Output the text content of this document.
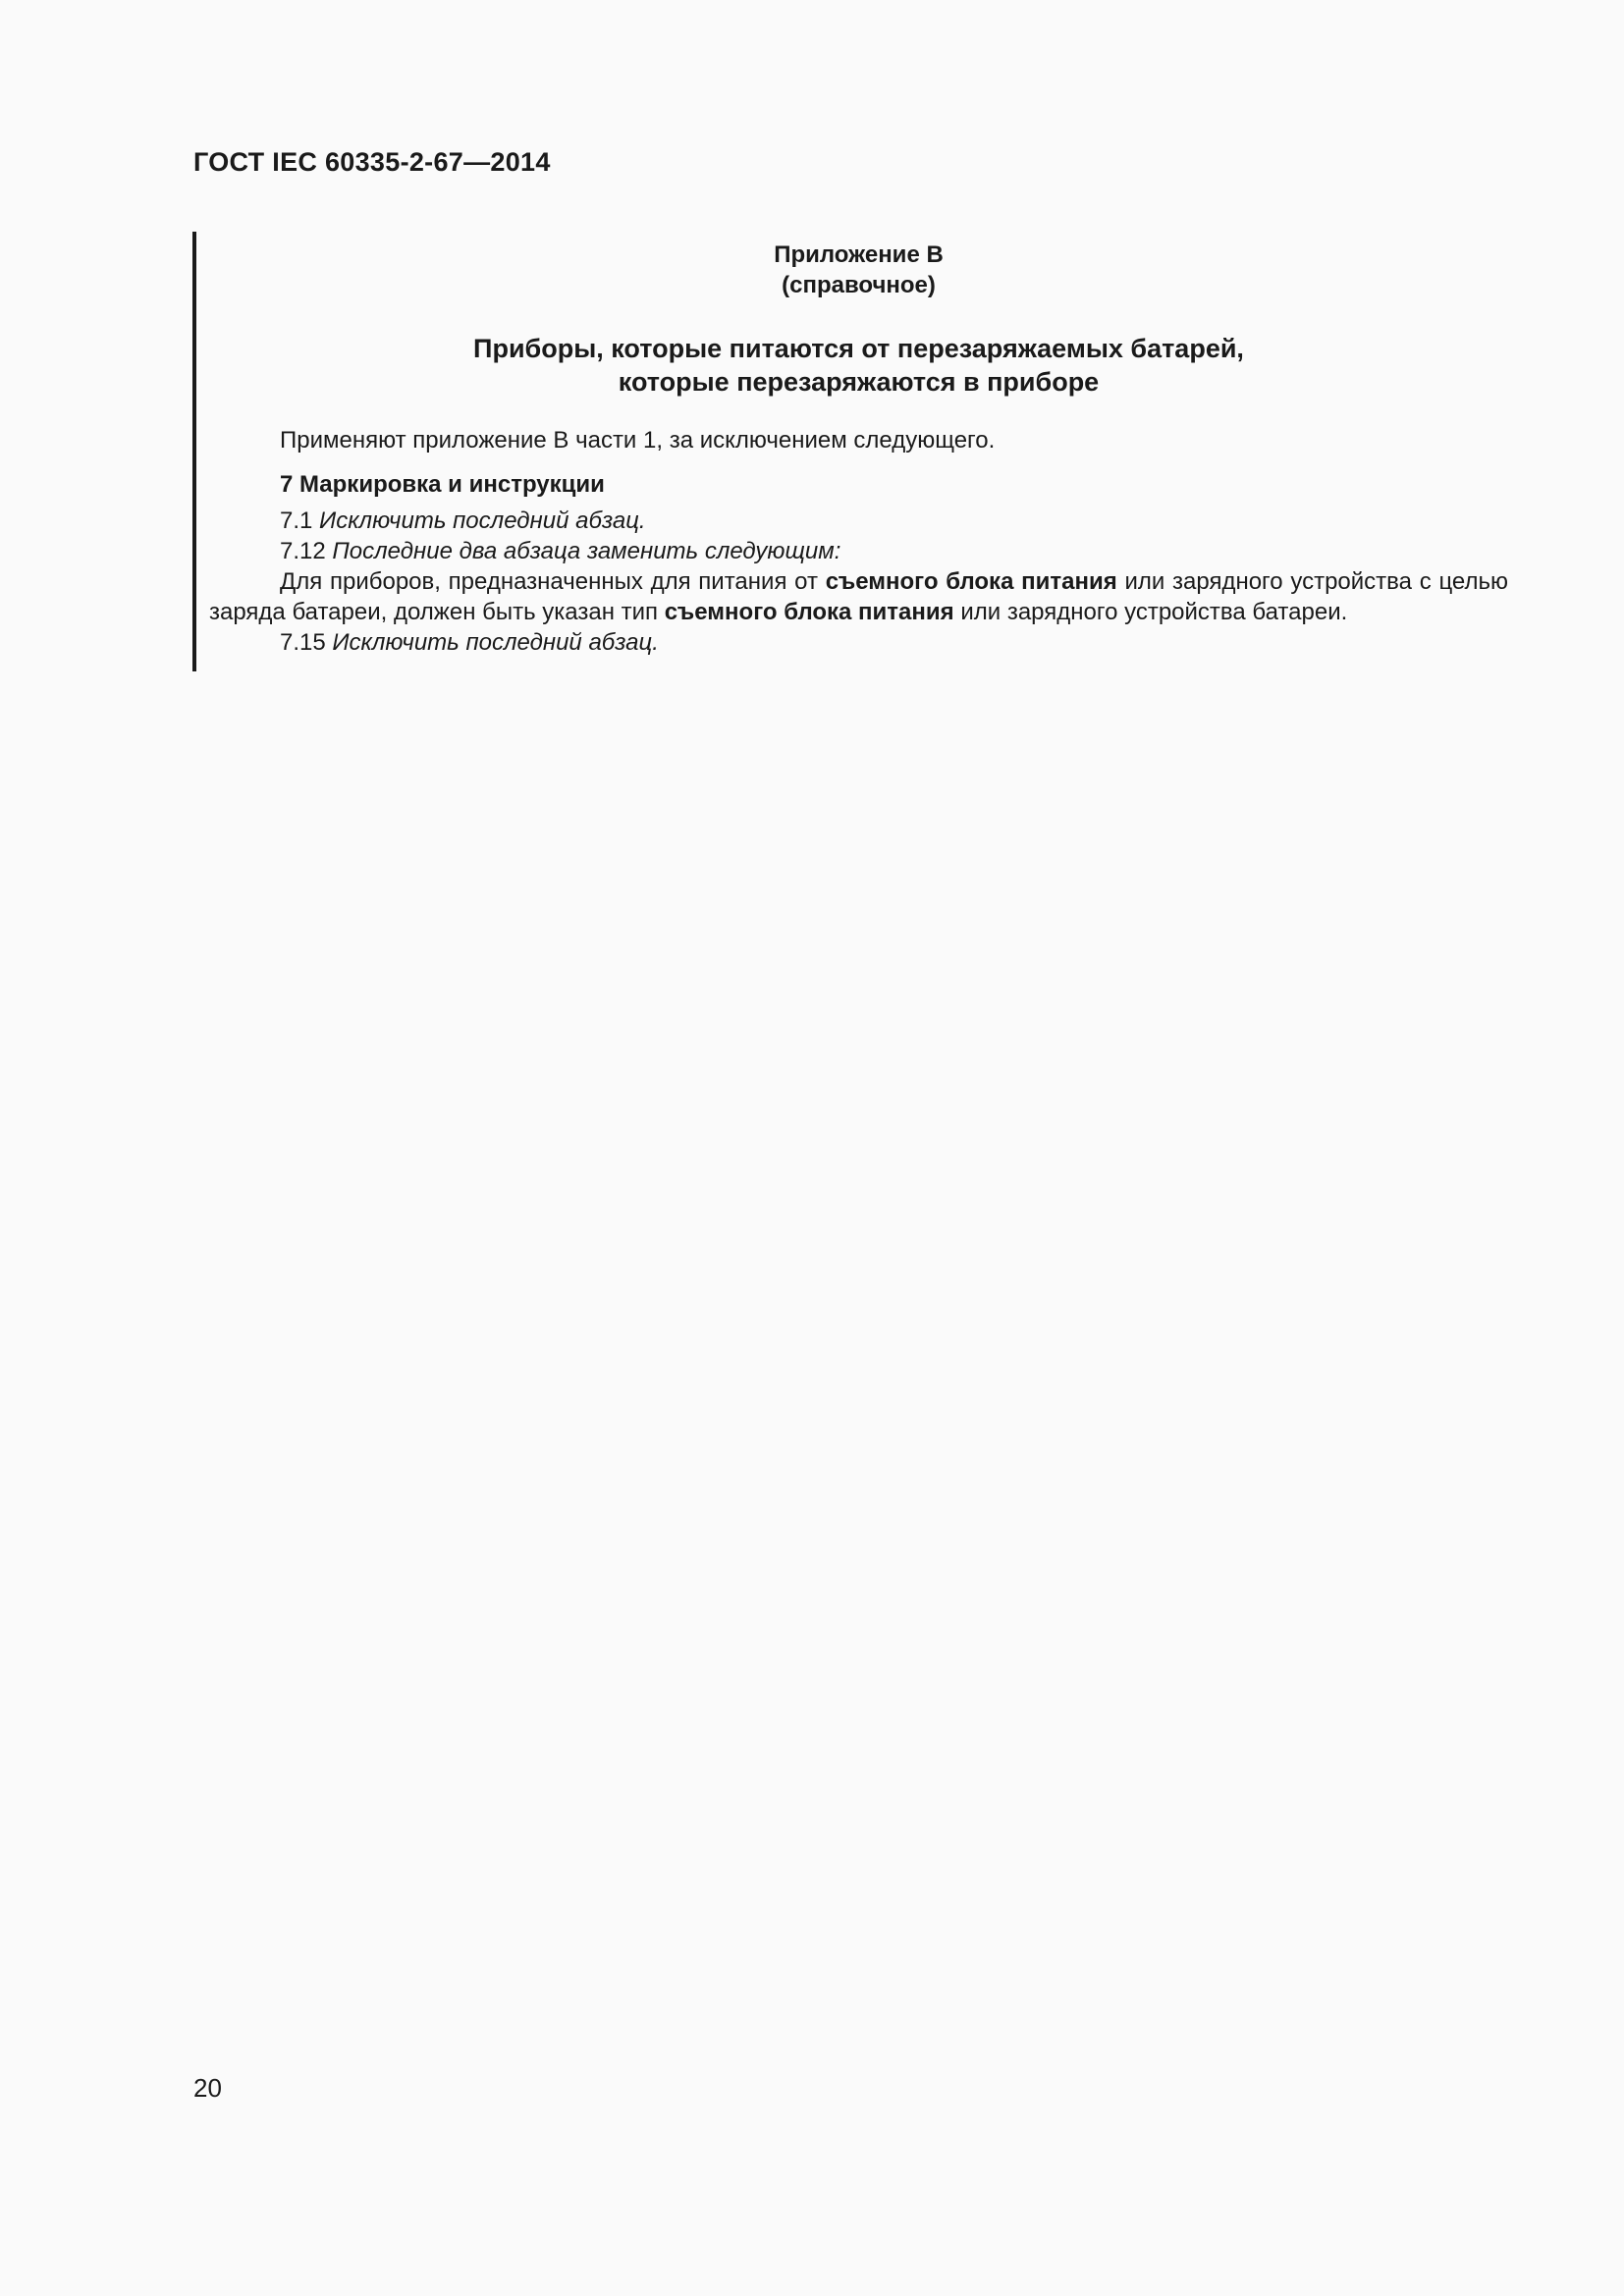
ГОСТ IEC 60335-2-67—2014
Приложение В
(справочное)
Приборы, которые питаются от перезаряжаемых батарей,
которые перезаряжаются в приборе

Применяют приложение В части 1, за исключением следующего.

7 Маркировка и инструкции

7.1 Исключить последний абзац.

7.12 Последние два абзаца заменить следующим:

Для приборов, предназначенных для питания от съемного блока питания или зарядного устройства с целью заряда батареи, должен быть указан тип съемного блока питания или зарядного устройства батареи.

7.15 Исключить последний абзац.

20
